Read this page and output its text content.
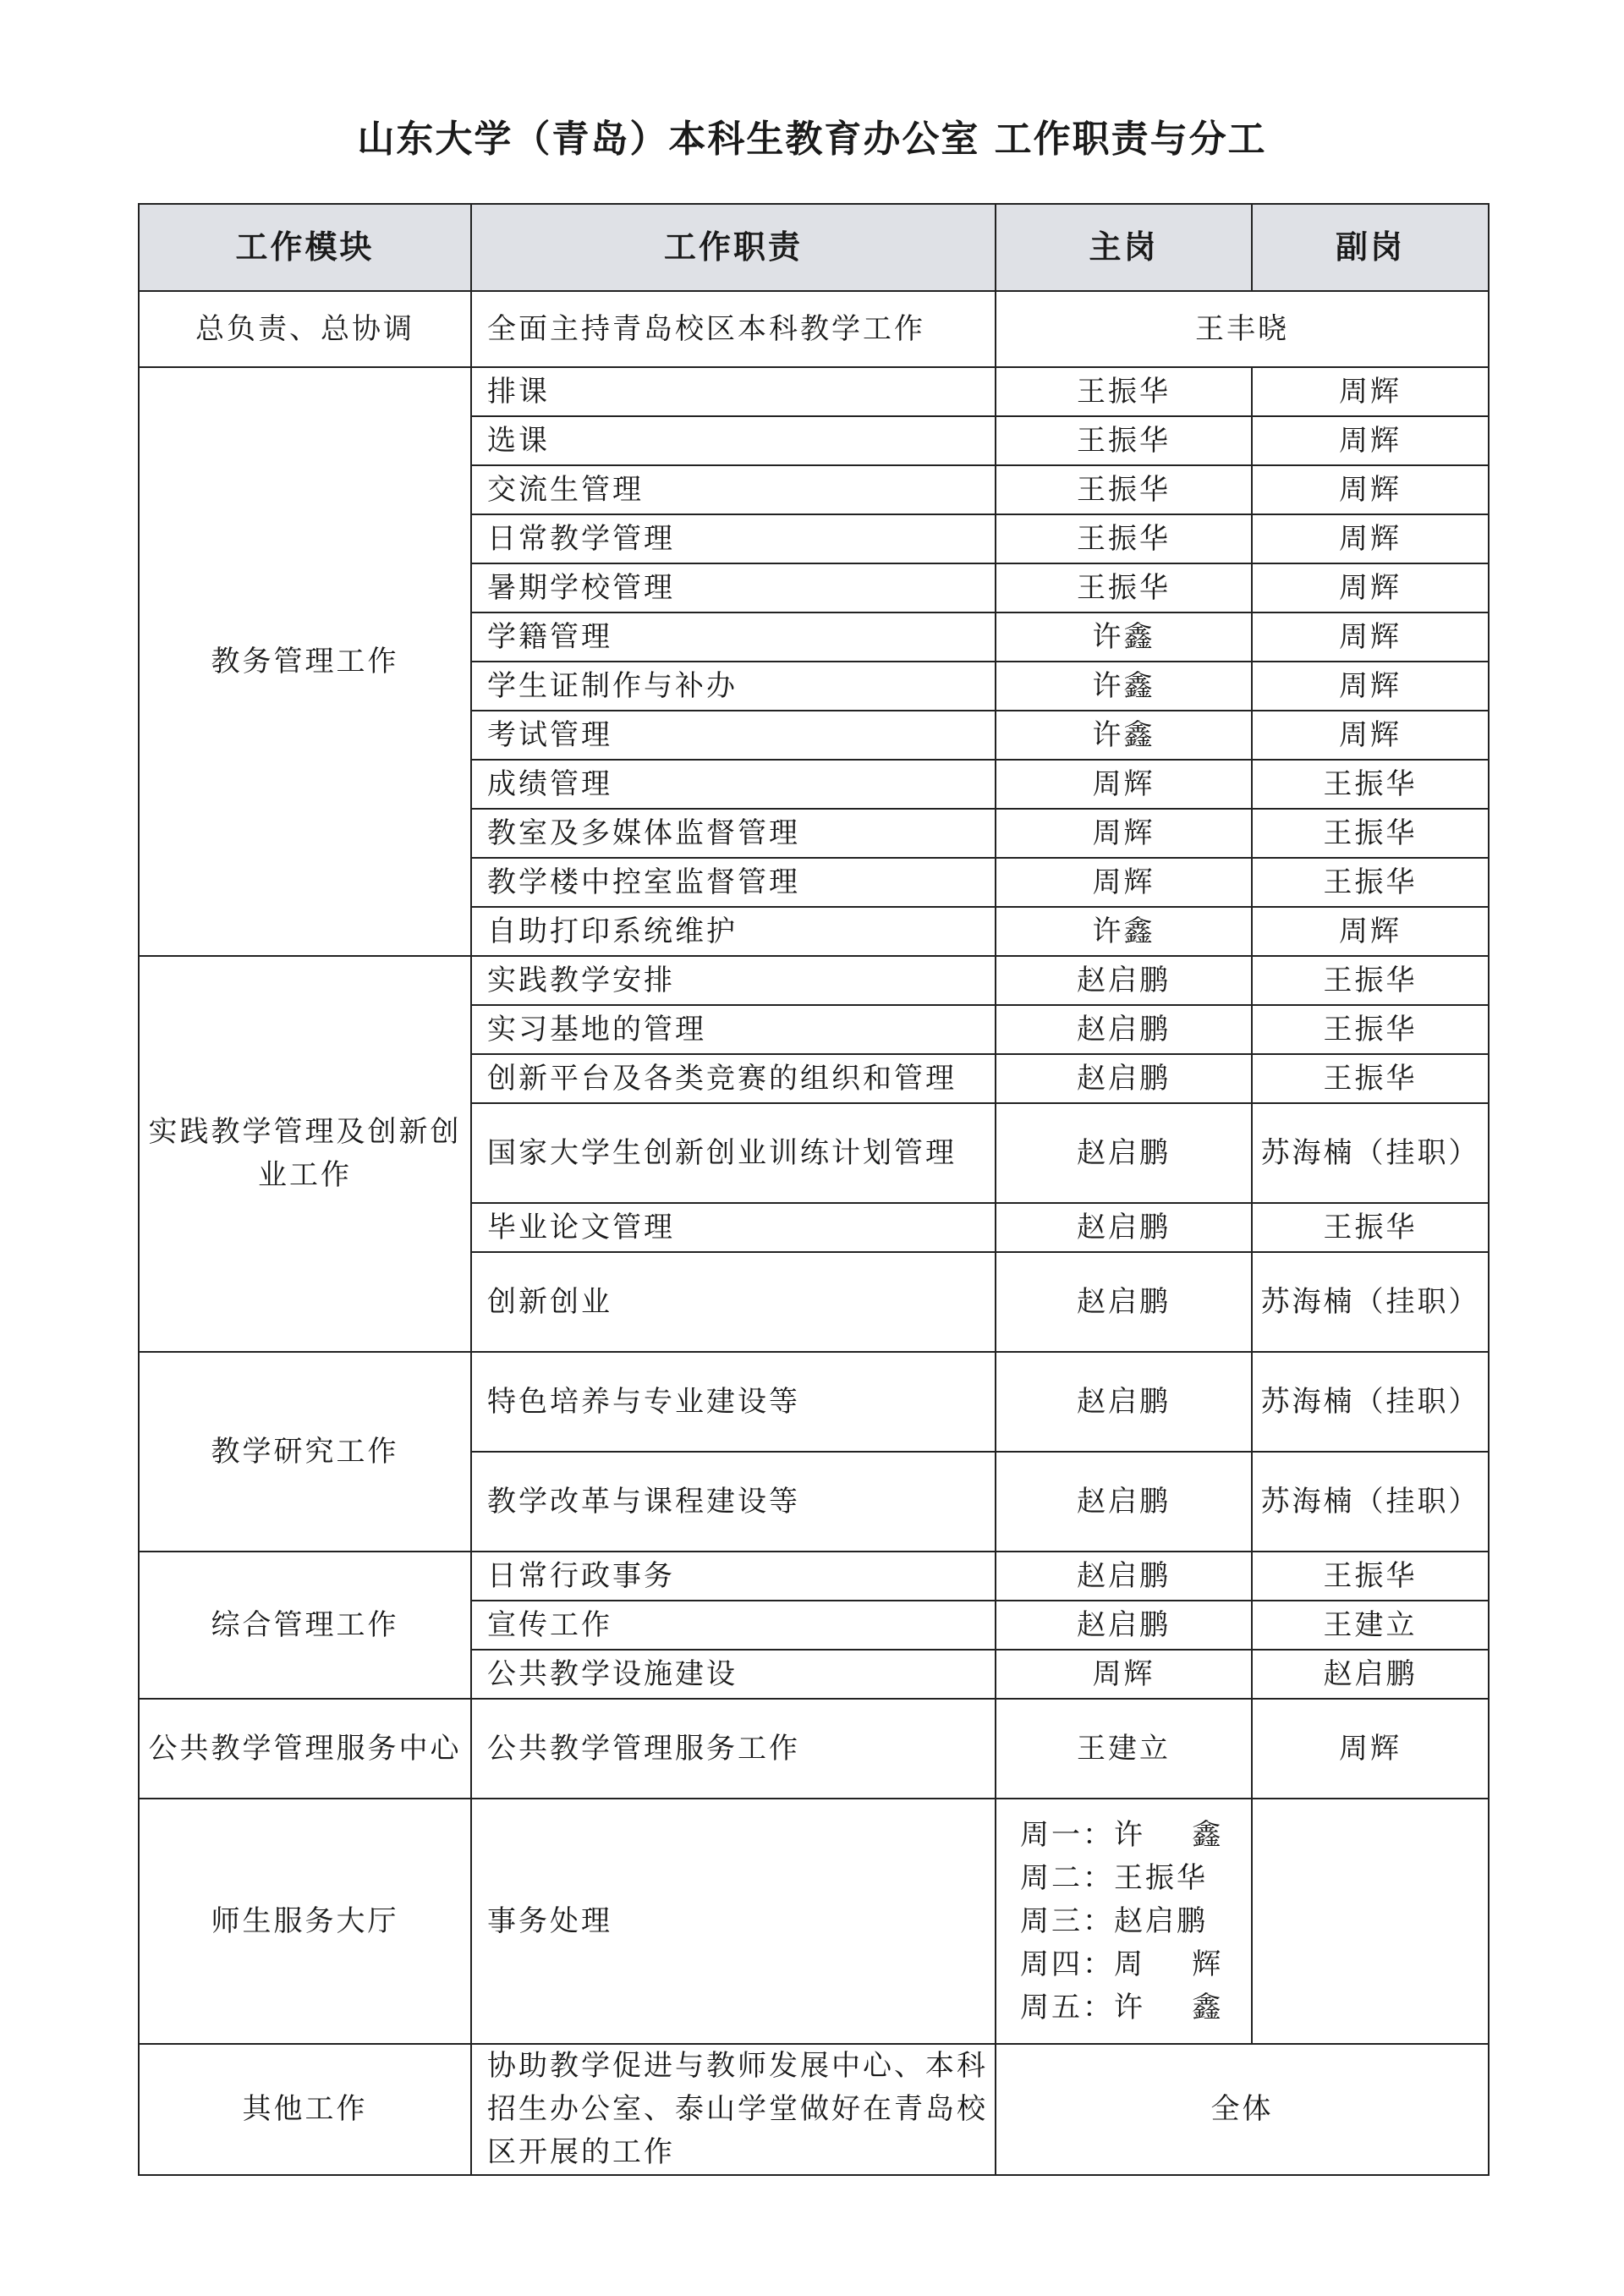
山东大学（青岛）本科生教育办公室 工作职责与分工
工作模块	工作职责	主岗	副岗
总负责、总协调	全面主持青岛校区本科教学工作	王丰晓	
教务管理工作	排课	王振华	周辉
	选课	王振华	周辉
	交流生管理	王振华	周辉
	日常教学管理	王振华	周辉
	暑期学校管理	王振华	周辉
	学籍管理	许鑫	周辉
	学生证制作与补办	许鑫	周辉
	考试管理	许鑫	周辉
	成绩管理	周辉	王振华
	教室及多媒体监督管理	周辉	王振华
	教学楼中控室监督管理	周辉	王振华
	自助打印系统维护	许鑫	周辉
实践教学管理及创新创业工作	实践教学安排	赵启鹏	王振华
	实习基地的管理	赵启鹏	王振华
	创新平台及各类竞赛的组织和管理	赵启鹏	王振华
	国家大学生创新创业训练计划管理	赵启鹏	苏海楠（挂职）
	毕业论文管理	赵启鹏	王振华
	创新创业	赵启鹏	苏海楠（挂职）
教学研究工作	特色培养与专业建设等	赵启鹏	苏海楠（挂职）
	教学改革与课程建设等	赵启鹏	苏海楠（挂职）
综合管理工作	日常行政事务	赵启鹏	王振华
	宣传工作	赵启鹏	王建立
	公共教学设施建设	周辉	赵启鹏
公共教学管理服务中心	公共教学管理服务工作	王建立	周辉
师生服务大厅	事务处理	周一：许    鑫
周二：王振华
周三：赵启鹏
周四：周    辉
周五：许    鑫	

其他工作	协助教学促进与教师发展中心、本科招生办公室、泰山学堂做好在青岛校区开展的工作	全体	
